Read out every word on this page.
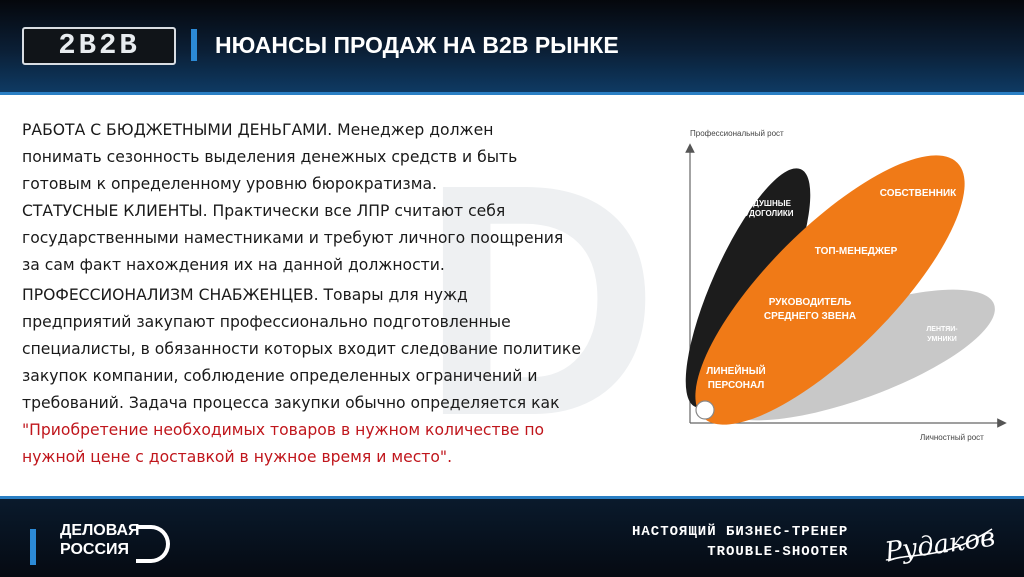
2B2B	НЮАНСЫ ПРОДАЖ НА B2B РЫНКЕ
D

РАБОТА С БЮДЖЕТНЫМИ ДЕНЬГАМИ. Менеджер должен

понимать сезонность выделения денежных средств и быть

готовым к определенному уровню бюрократизма.

СТАТУСНЫЕ КЛИЕНТЫ. Практически все ЛПР считают себя

государственными наместниками и требуют личного поощрения

за сам факт нахождения их на данной должности.

ПРОФЕССИОНАЛИЗМ СНАБЖЕНЦЕВ. Товары для нужд

предприятий закупают профессионально подготовленные

специалисты, в обязанности которых входит следование политике

закупок компании, соблюдение определенных ограничений и

требований. Задача процесса закупки обычно определяется как

"Приобретение необходимых товаров в нужном количестве по

нужной цене с доставкой в нужное время и место".

Профессиональный рост
Личностный рост
БЕЗДУШНЫЕ
ТРУДОГОЛИКИ
СОБСТВЕННИК
ТОП-МЕНЕДЖЕР
РУКОВОДИТЕЛЬ
СРЕДНЕГО ЗВЕНА
ЛИНЕЙНЫЙ
ПЕРСОНАЛ
ЛЕНТЯИ-
УМНИКИ
ДЕЛОВАЯ
РОССИЯ
НАСТОЯЩИЙ БИЗНЕС-ТРЕНЕР
TROUBLE-SHOOTER Рудаков
